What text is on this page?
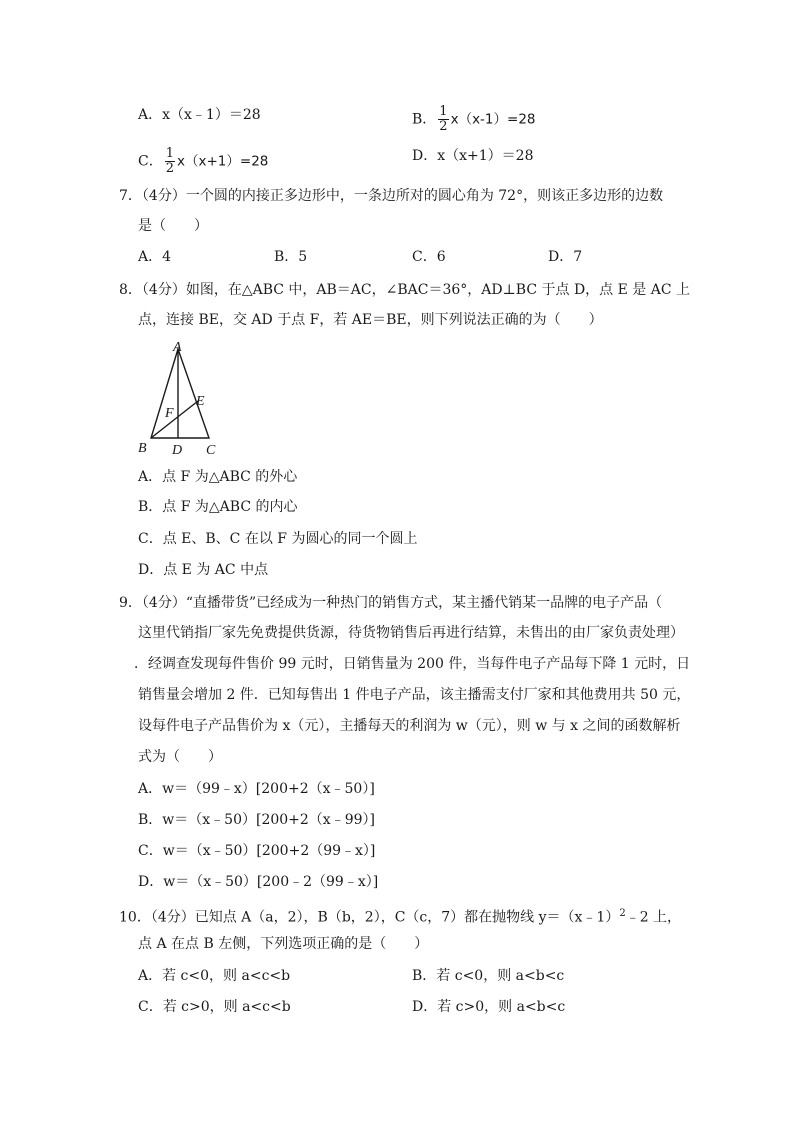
A．x（x﹣1）＝28	B． $\frac{1}{2} x(x-1)=28$
C． $\frac{1}{2} x(x+1)=28$	D．x（x+1）＝28
7．（4分）一个圆的内接正多边形中，一条边所对的圆心角为 72°，则该正多边形的边数
是（　　）
A．4	B．5	C．6	D．7
8．（4分）如图，在△ABC 中，AB＝AC，∠BAC＝36°，AD⊥BC 于点 D，点 E 是 AC 上
点，连接 BE，交 AD 于点 F，若 AE＝BE，则下列说法正确的为（　　）
A
B	C
D
E
F
A．点 F 为△ABC 的外心
B．点 F 为△ABC 的内心
C．点 E、B、C 在以 F 为圆心的同一个圆上
D．点 E 为 AC 中点
9．（4分）“直播带货”已经成为一种热门的销售方式，某主播代销某一品牌的电子产品（
这里代销指厂家先免费提供货源，待货物销售后再进行结算，未售出的由厂家负责处理）
．经调查发现每件售价 99 元时，日销售量为 200 件，当每件电子产品每下降 1 元时，日
销售量会增加 2 件．已知每售出 1 件电子产品，该主播需支付厂家和其他费用共 50 元，
设每件电子产品售价为 x（元），主播每天的利润为 w（元），则 w 与 x 之间的函数解析
式为（　　）
A．w＝（99﹣x）[200+2（x﹣50）]
B．w＝（x﹣50）[200+2（x﹣99）]
C．w＝（x﹣50）[200+2（99﹣x）]
D．w＝（x﹣50）[200﹣2（99﹣x）]
10．（4分）已知点 A（a，2），B（b，2），C（c，7）都在抛物线 y＝（x﹣1）$^2$﹣2 上，
点 A 在点 B 左侧，下列选项正确的是（　　）
A．若 c<0，则 a<c<b	B．若 c<0，则 a<b<c
C．若 c>0，则 a<c<b	D．若 c>0，则 a<b<c
